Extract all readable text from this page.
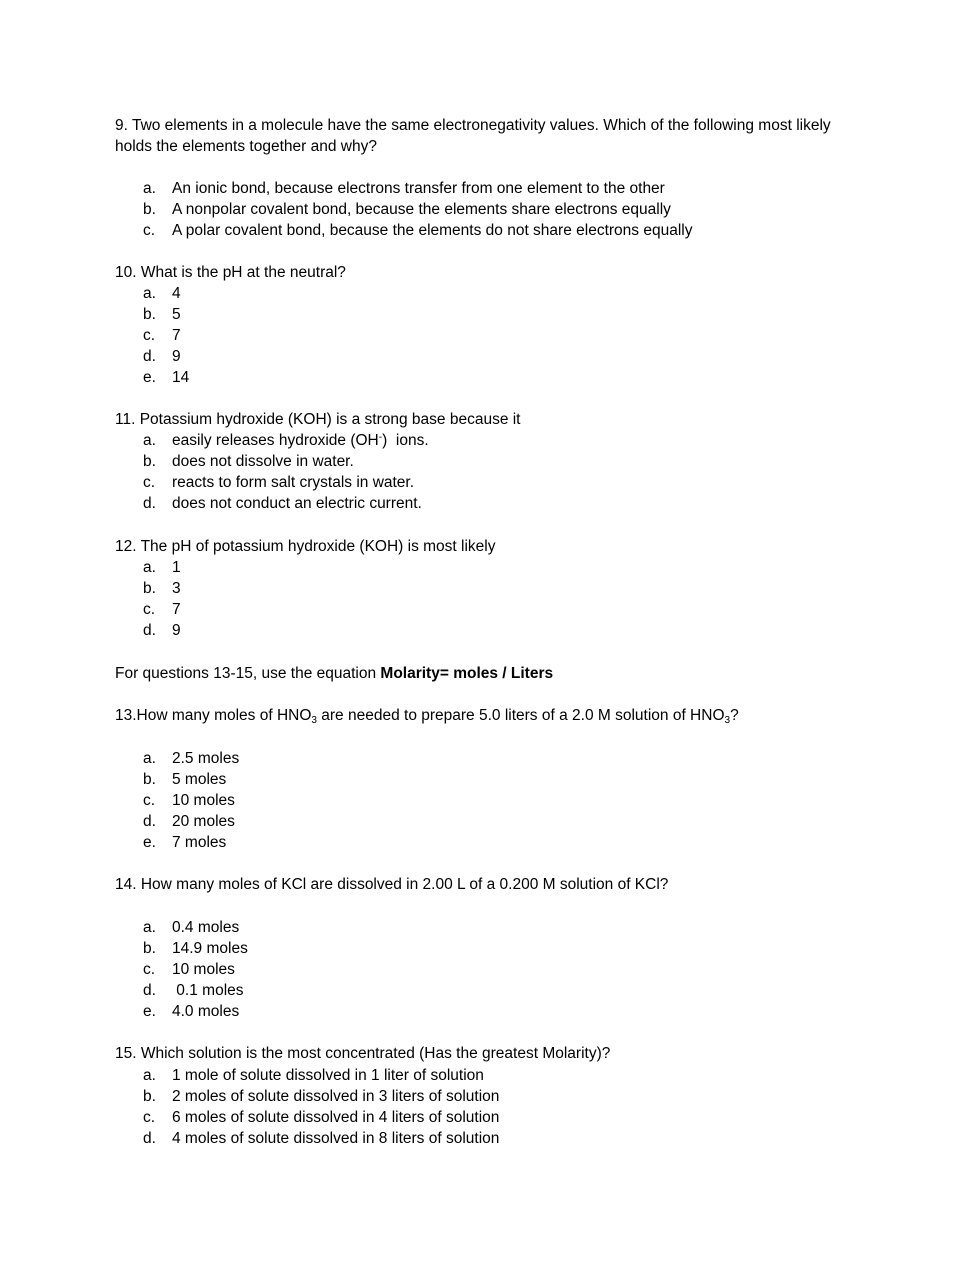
9. Two elements in a molecule have the same electronegativity values. Which of the following most likely holds the elements together and why?

a. An ionic bond, because electrons transfer from one element to the other
b. A nonpolar covalent bond, because the elements share electrons equally
c. A polar covalent bond, because the elements do not share electrons equally

10. What is the pH at the neutral?

a. 4
b. 5
c. 7
d. 9
e. 14

11. Potassium hydroxide (KOH) is a strong base because it

a. easily releases hydroxide (OH-)  ions.
b. does not dissolve in water.
c. reacts to form salt crystals in water.
d. does not conduct an electric current.

12. The pH of potassium hydroxide (KOH) is most likely

a. 1
b. 3
c. 7
d. 9

For questions 13-15, use the equation Molarity= moles / Liters

13.How many moles of $HNO_3$ are needed to prepare 5.0 liters of a 2.0 M solution of $HNO_3$?

a. 2.5 moles
b. 5 moles
c. 10 moles
d. 20 moles
e. 7 moles

14. How many moles of KCl are dissolved in 2.00 L of a 0.200 M solution of KCl?

a. 0.4 moles
b. 14.9 moles
c. 10 moles
d. 0.1 moles
e. 4.0 moles

15. Which solution is the most concentrated (Has the greatest Molarity)?

a. 1 mole of solute dissolved in 1 liter of solution
b. 2 moles of solute dissolved in 3 liters of solution
c. 6 moles of solute dissolved in 4 liters of solution
d. 4 moles of solute dissolved in 8 liters of solution
